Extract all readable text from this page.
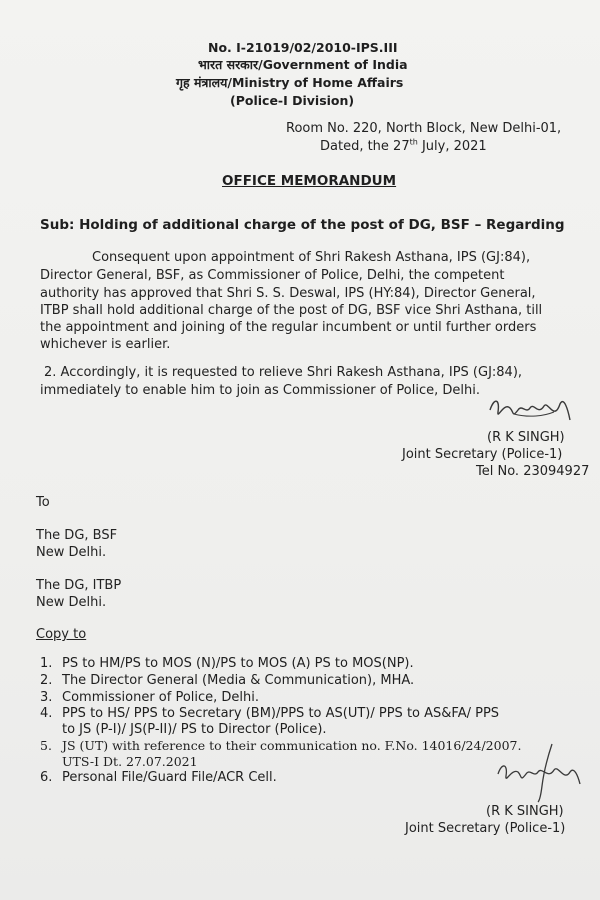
No. I-21019/02/2010-IPS.III
भारत सरकार/Government of India
गृह मंत्रालय/Ministry of Home Affairs
(Police-I Division)
Room No. 220, North Block, New Delhi-01,
Dated, the 27th July, 2021
OFFICE MEMORANDUM
Sub: Holding of additional charge of the post of DG, BSF – Regarding
Consequent upon appointment of Shri Rakesh Asthana, IPS (GJ:84),
Director General, BSF, as Commissioner of Police, Delhi, the competent
authority has approved that Shri S. S. Deswal, IPS (HY:84), Director General,
ITBP shall hold additional charge of the post of DG, BSF vice Shri Asthana, till
the appointment and joining of the regular incumbent or until further orders
whichever is earlier.
2. Accordingly, it is requested to relieve Shri Rakesh Asthana, IPS (GJ:84),
immediately to enable him to join as Commissioner of Police, Delhi.
(R K SINGH)
Joint Secretary (Police-1)
Tel No. 23094927
To
The DG, BSF
New Delhi.
The DG, ITBP
New Delhi.
Copy to
1. PS to HM/PS to MOS (N)/PS to MOS (A) PS to MOS(NP).
2. The Director General (Media & Communication), MHA.
3. Commissioner of Police, Delhi.
4. PPS to HS/ PPS to Secretary (BM)/PPS to AS(UT)/ PPS to AS&FA/ PPS
to JS (P-I)/ JS(P-II)/ PS to Director (Police).
5. JS (UT) with reference to their communication no. F.No. 14016/24/2007.
UTS-I Dt. 27.07.2021
6. Personal File/Guard File/ACR Cell.
(R K SINGH)
Joint Secretary (Police-1)
